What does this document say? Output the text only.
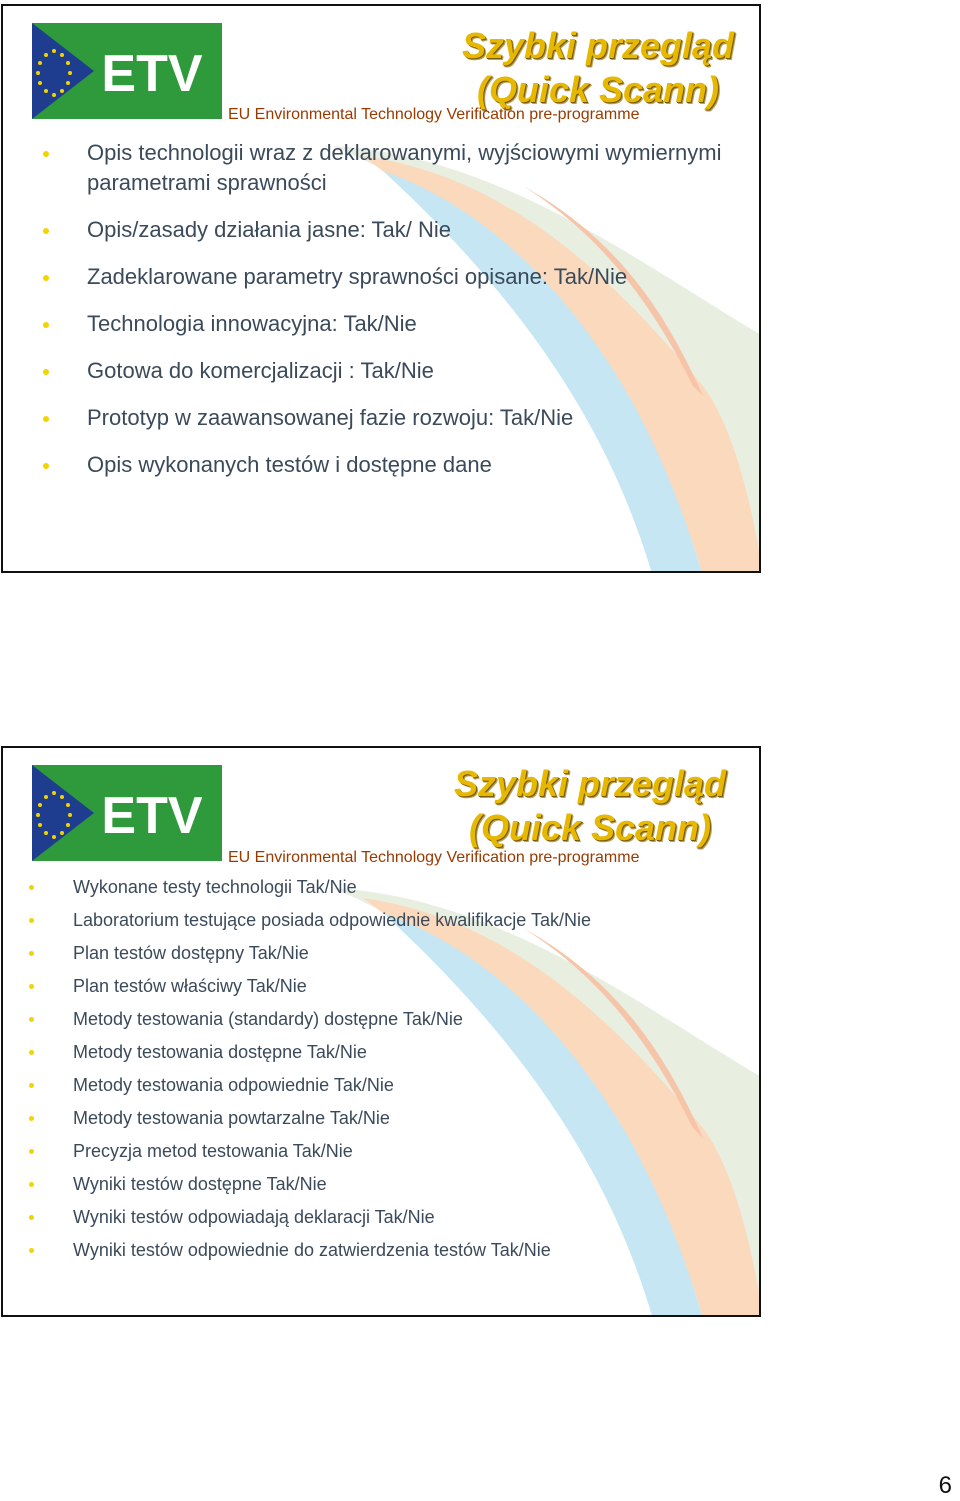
ETV	Szybki przegląd
(Quick Scann)
EU Environmental Technology Verification pre-programme
Opis technologii wraz z deklarowanymi, wyjściowymi wymiernymi parametrami sprawności
Opis/zasady działania jasne: Tak/ Nie
Zadeklarowane parametry sprawności opisane: Tak/Nie
Technologia innowacyjna: Tak/Nie
Gotowa do komercjalizacji : Tak/Nie
Prototyp w zaawansowanej fazie rozwoju: Tak/Nie
Opis wykonanych testów i dostępne dane
ETV
Szybki przegląd
(Quick Scann)
EU Environmental Technology Verification pre-programme
Wykonane testy technologii Tak/Nie
Laboratorium testujące posiada odpowiednie kwalifikacje Tak/Nie
Plan testów dostępny Tak/Nie
Plan testów właściwy Tak/Nie
Metody testowania (standardy) dostępne Tak/Nie
Metody testowania dostępne Tak/Nie
Metody testowania odpowiednie Tak/Nie
Metody testowania powtarzalne Tak/Nie
Precyzja metod testowania Tak/Nie
Wyniki testów dostępne Tak/Nie
Wyniki testów odpowiadają deklaracji Tak/Nie
Wyniki testów odpowiednie do zatwierdzenia testów Tak/Nie
6
